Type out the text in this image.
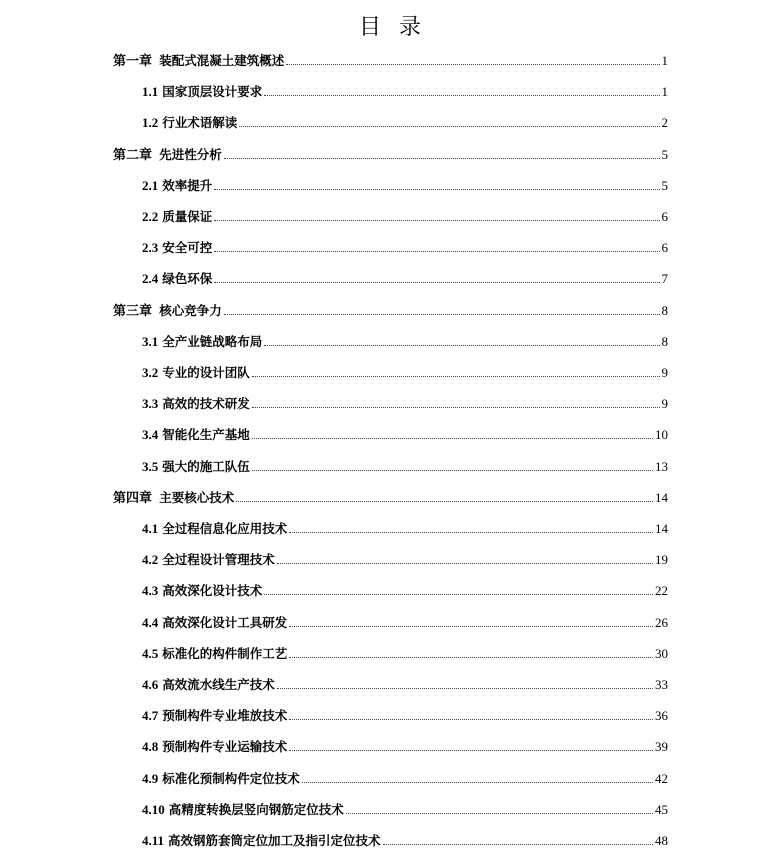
目录
第一章 装配式混凝土建筑概述	1
1.1 国家顶层设计要求	1
1.2 行业术语解读	2
第二章 先进性分析	5
2.1 效率提升	5
2.2 质量保证	6
2.3 安全可控	6
2.4 绿色环保	7
第三章 核心竞争力	8
3.1 全产业链战略布局	8
3.2 专业的设计团队	9
3.3 高效的技术研发	9
3.4 智能化生产基地	10
3.5 强大的施工队伍	13
第四章 主要核心技术	14
4.1 全过程信息化应用技术	14
4.2 全过程设计管理技术	19
4.3 高效深化设计技术	22
4.4 高效深化设计工具研发	26
4.5 标准化的构件制作工艺	30
4.6 高效流水线生产技术	33
4.7 预制构件专业堆放技术	36
4.8 预制构件专业运输技术	39
4.9 标准化预制构件定位技术	42
4.10 高精度转换层竖向钢筋定位技术	45
4.11 高效钢筋套筒定位加工及指引定位技术	48
